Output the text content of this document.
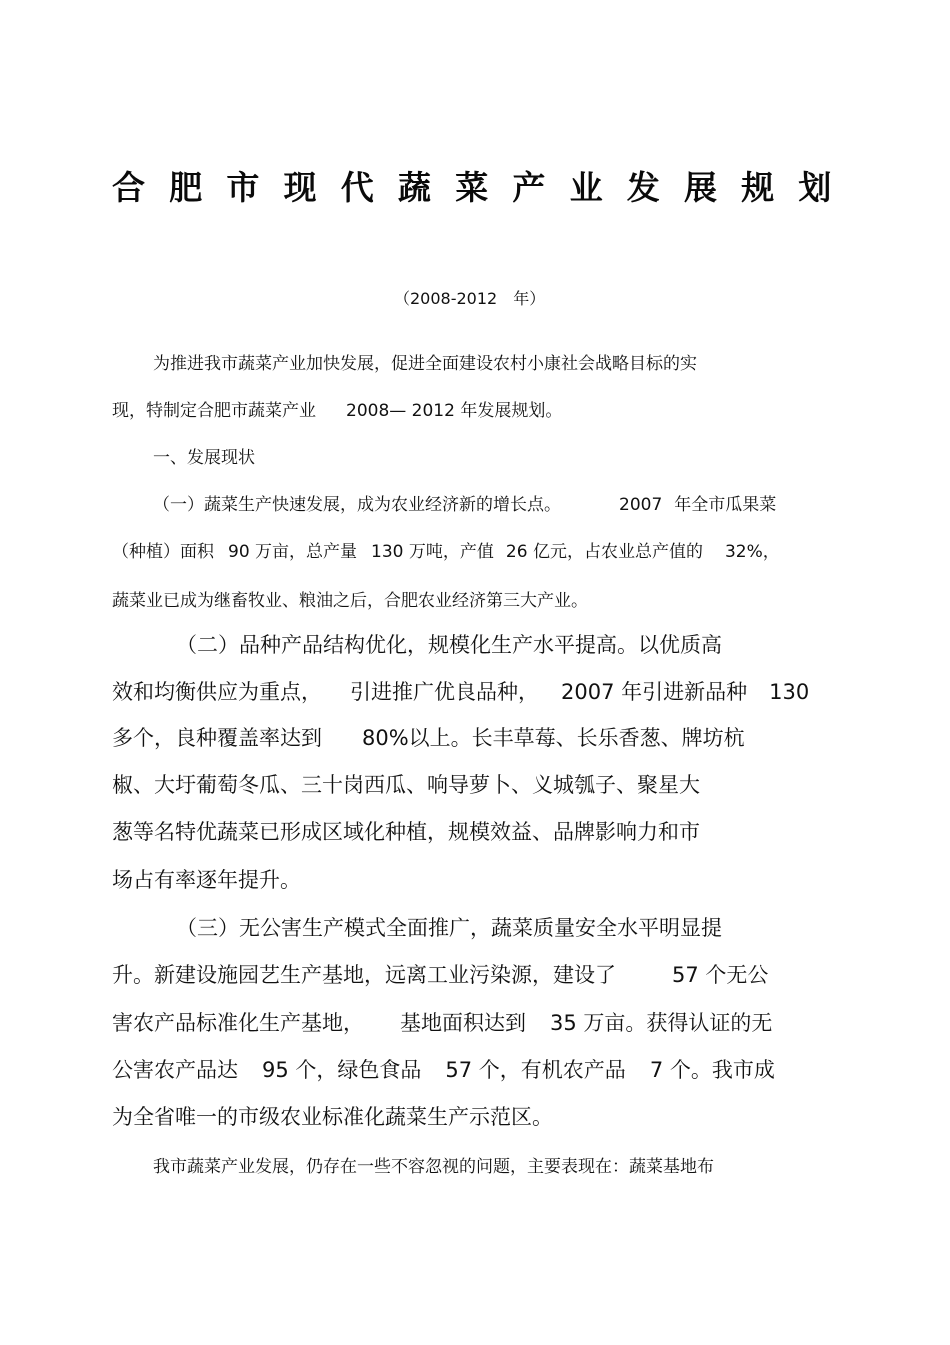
合肥市现代蔬菜产业发展规划
（2008-2012　年）
为推进我市蔬菜产业加快发展，促进全面建设农村小康社会战略目标的实
现，特制定合肥市蔬菜产业 2008— 2012 年发展规划。
一、发展现状
（一）蔬菜生产快速发展，成为农业经济新的增长点。	2007 年全市瓜果菜
（种植）面积 90 万亩，总产量 130 万吨，产值 26 亿元，占农业总产值的 32%，
蔬菜业已成为继畜牧业、粮油之后，合肥农业经济第三大产业。
（二）品种产品结构优化，规模化生产水平提高。以优质高
效和均衡供应为重点， 引进推广优良品种， 2007 年引进新品种 130
多个，良种覆盖率达到 80%以上。长丰草莓、长乐香葱、牌坊杭
椒、大圩葡萄冬瓜、三十岗西瓜、响导萝卜、义城瓠子、聚星大
葱等名特优蔬菜已形成区域化种植，规模效益、品牌影响力和市
场占有率逐年提升。
（三）无公害生产模式全面推广，蔬菜质量安全水平明显提
升。新建设施园艺生产基地，远离工业污染源，建设了	57 个无公
害农产品标准化生产基地， 基地面积达到 35 万亩。获得认证的无
公害农产品达 95 个，绿色食品 57 个，有机农产品 7 个。我市成
为全省唯一的市级农业标准化蔬菜生产示范区。
我市蔬菜产业发展，仍存在一些不容忽视的问题，主要表现在：蔬菜基地布
